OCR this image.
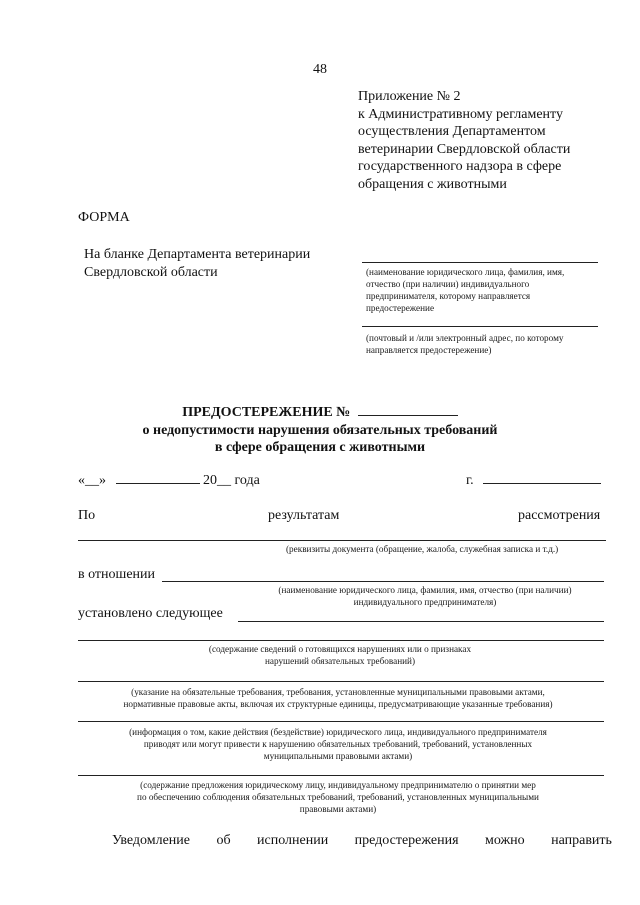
48
Приложение № 2
к Административному регламенту
осуществления Департаментом
ветеринарии Свердловской области
государственного надзора в сфере
обращения с животными
ФОРМА
На бланке Департамента ветеринарии
Свердловской области	(наименование юридического лица, фамилия, имя,
отчество (при наличии) индивидуального
предпринимателя, которому направляется
предостережение
(почтовый и /или электронный адрес, по которому
направляется предостережение)
ПРЕДОСТЕРЕЖЕНИЕ №
о недопустимости нарушения обязательных требований
в сфере обращения с животными
«__»	20__ года	г.
По	результатам	рассмотрения
(реквизиты документа (обращение, жалоба, служебная записка и т.д.)
в отношении
(наименование юридического лица, фамилия, имя, отчество (при наличии)
индивидуального предпринимателя)
установлено следующее
(содержание сведений о готовящихся нарушениях или о признаках
нарушений обязательных требований)
(указание на обязательные требования, требования, установленные муниципальными правовыми актами,
нормативные правовые акты, включая их структурные единицы, предусматривающие указанные требования)
(информация о том, какие действия (бездействие) юридического лица, индивидуального предпринимателя
приводят или могут привести к нарушению обязательных требований, требований, установленных
муниципальными правовыми актами)
(содержание предложения юридическому лицу, индивидуальному предпринимателю о принятии мер
по обеспечению соблюдения обязательных требований, требований, установленных муниципальными
правовыми актами)
Уведомление об исполнении предостережения можно направить
